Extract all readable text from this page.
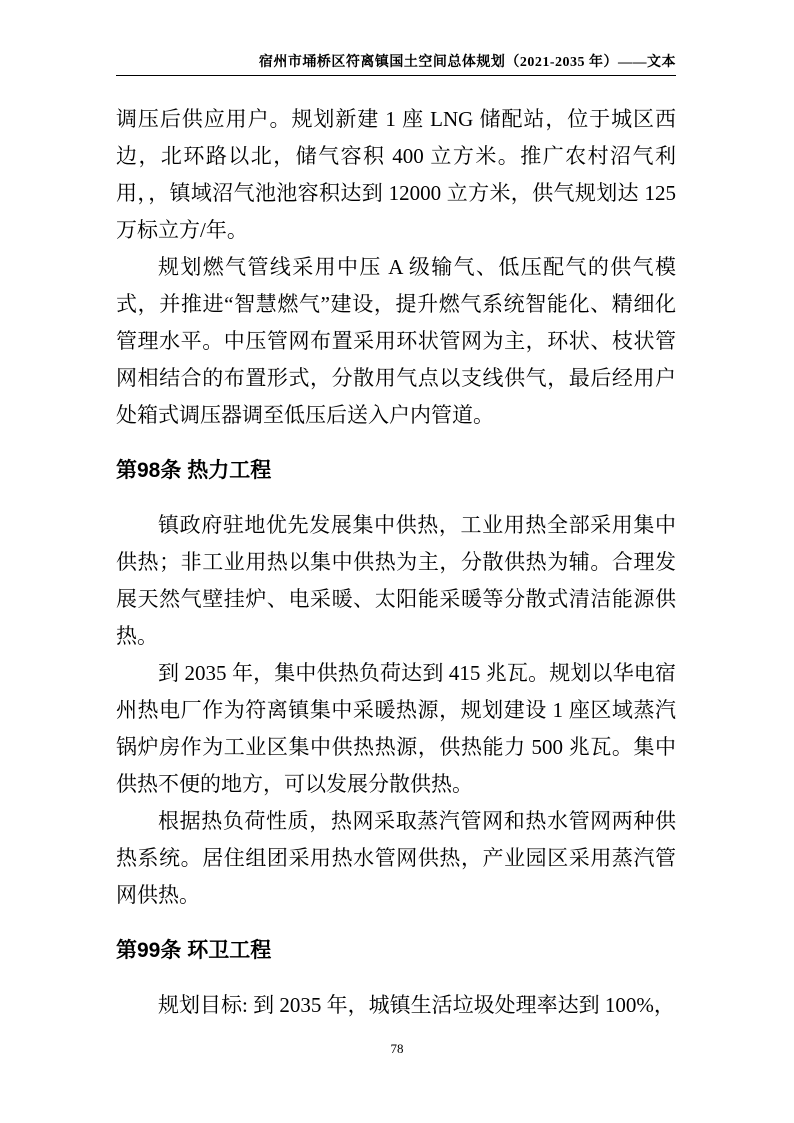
宿州市埇桥区符离镇国土空间总体规划（2021-2035 年）——文本

调压后供应用户。规划新建 1 座 LNG 储配站，位于城区西边，北环路以北，储气容积 400 立方米。推广农村沼气利用，，镇域沼气池池容积达到 12000 立方米，供气规划达 125 万标立方/年。

规划燃气管线采用中压 A 级输气、低压配气的供气模式，并推进“智慧燃气”建设，提升燃气系统智能化、精细化管理水平。中压管网布置采用环状管网为主，环状、枝状管网相结合的布置形式，分散用气点以支线供气，最后经用户处箱式调压器调至低压后送入户内管道。

第98条 热力工程

镇政府驻地优先发展集中供热，工业用热全部采用集中供热；非工业用热以集中供热为主，分散供热为辅。合理发展天然气壁挂炉、电采暖、太阳能采暖等分散式清洁能源供热。

到 2035 年，集中供热负荷达到 415 兆瓦。规划以华电宿州热电厂作为符离镇集中采暖热源，规划建设 1 座区域蒸汽锅炉房作为工业区集中供热热源，供热能力 500 兆瓦。集中供热不便的地方，可以发展分散供热。

根据热负荷性质，热网采取蒸汽管网和热水管网两种供热系统。居住组团采用热水管网供热，产业园区采用蒸汽管网供热。

第99条 环卫工程

规划目标: 到 2035 年，城镇生活垃圾处理率达到 100%，

78
